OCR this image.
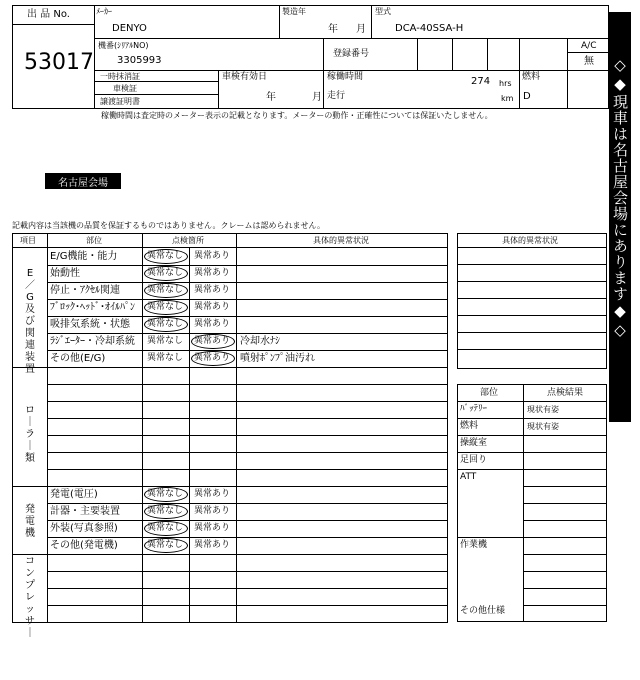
出 品 No.
53017
ﾒｰｶｰ
DENYO
製造年
年 月
型式
DCA-40SSA-H
機番(ｼﾘｱﾙNO)
3305993
登録番号
A/C
無
一時抹消証
車検証
譲渡証明書
車検有効日
年	月
稼働時間	274 hrs
走行	km
燃料
D
稼働時間は査定時のメーター表示の記載となります。メーターの動作・正確性については保証いたしません。	◇◆現車は名古屋会場にあります◆◇
名古屋会場
記載内容は当該機の品質を保証するものではありません。クレームは認められません。
項目	部位	点検箇所	具体的異常状況
E
／
G
及
び
関
連
装
置
E/G機能・能力	異常なし 異常あり
始動性	異常なし 異常あり
停止・ｱｸｾﾙ関連	異常なし 異常あり
ﾌﾞﾛｯｸ･ﾍｯﾄﾞ･ｵｲﾙﾊﾟﾝ 異常なし 異常あり
吸排気系統・状態 異常なし 異常あり
ﾗｼﾞｴｰﾀｰ・冷却系統 異常なし 異常あり 冷却水ﾅｼ
その他(E/G)	異常なし 異常あり 噴射ﾎﾟﾝﾌﾟ油汚れ
ロ
｜
ラ
｜
類
発
電
機
発電(電圧)	異常なし 異常あり
計器・主要装置	異常なし 異常あり
外装(写真参照)	異常なし 異常あり
その他(発電機)	異常なし 異常あり
コ
ン
プ
レ
ッ
サ
｜
具体的異常状況
部位	点検結果
ﾊﾞｯﾃﾘｰ	現状有姿
燃料	現状有姿
操縦室
足回り
ATT
作業機
その他仕様
